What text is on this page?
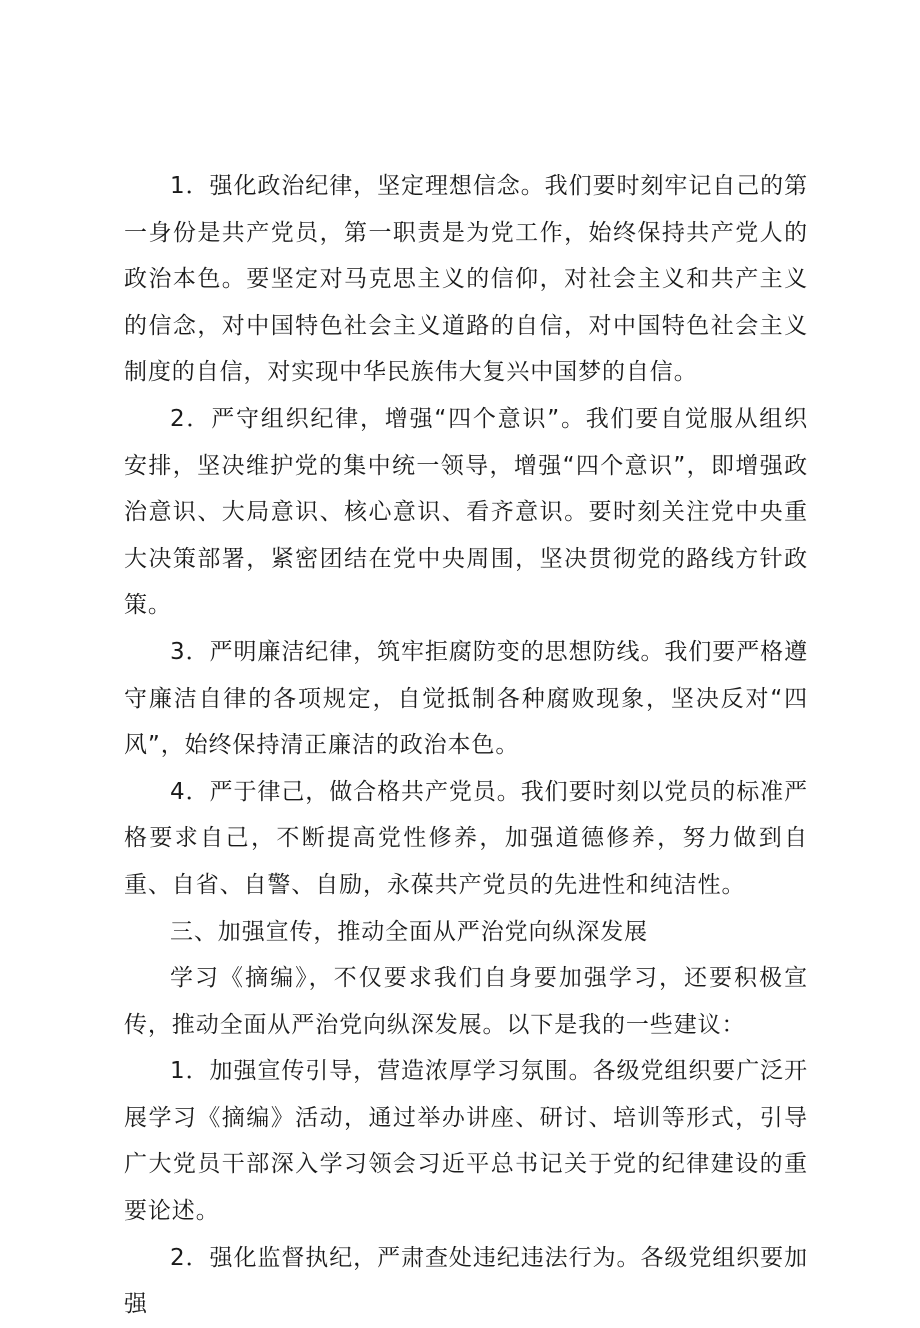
1．强化政治纪律，坚定理想信念。我们要时刻牢记自己的第一身份是共产党员，第一职责是为党工作，始终保持共产党人的政治本色。要坚定对马克思主义的信仰，对社会主义和共产主义的信念，对中国特色社会主义道路的自信，对中国特色社会主义制度的自信，对实现中华民族伟大复兴中国梦的自信。

2．严守组织纪律，增强“四个意识”。我们要自觉服从组织安排，坚决维护党的集中统一领导，增强“四个意识”，即增强政治意识、大局意识、核心意识、看齐意识。要时刻关注党中央重大决策部署，紧密团结在党中央周围，坚决贯彻党的路线方针政策。

3．严明廉洁纪律，筑牢拒腐防变的思想防线。我们要严格遵守廉洁自律的各项规定，自觉抵制各种腐败现象，坚决反对“四风”，始终保持清正廉洁的政治本色。

4．严于律己，做合格共产党员。我们要时刻以党员的标准严格要求自己，不断提高党性修养，加强道德修养，努力做到自重、自省、自警、自励，永葆共产党员的先进性和纯洁性。

三、加强宣传，推动全面从严治党向纵深发展

学习《摘编》，不仅要求我们自身要加强学习，还要积极宣传，推动全面从严治党向纵深发展。以下是我的一些建议：

1．加强宣传引导，营造浓厚学习氛围。各级党组织要广泛开展学习《摘编》活动，通过举办讲座、研讨、培训等形式，引导广大党员干部深入学习领会习近平总书记关于党的纪律建设的重要论述。

2．强化监督执纪，严肃查处违纪违法行为。各级党组织要加强
